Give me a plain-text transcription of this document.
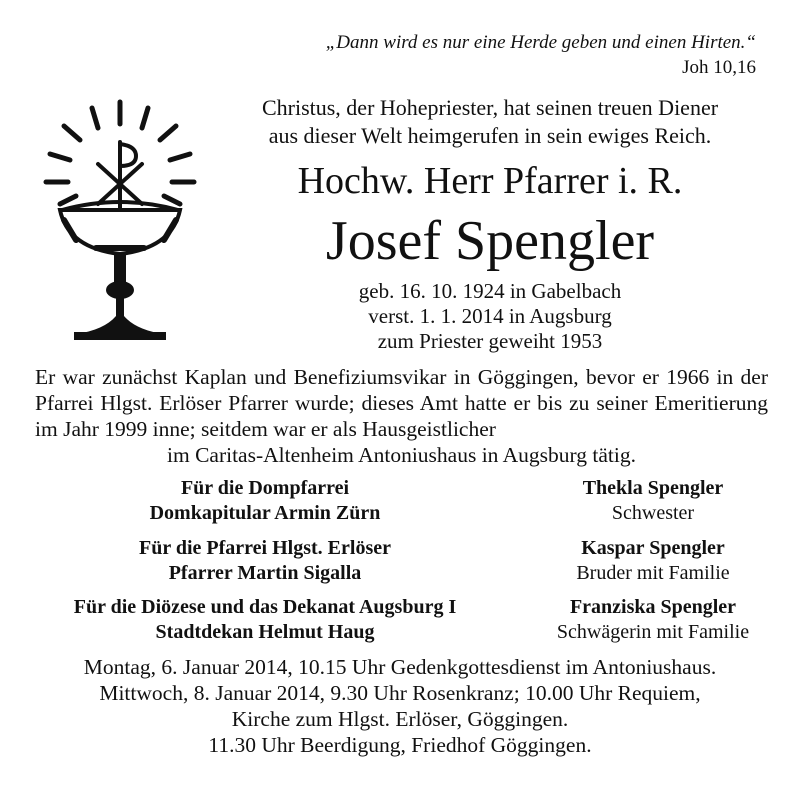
„Dann wird es nur eine Herde geben und einen Hirten.“
Joh 10,16
Christus, der Hohepriester, hat seinen treuen Diener
aus dieser Welt heimgerufen in sein ewiges Reich.
Hochw. Herr Pfarrer i. R.
Josef Spengler
geb. 16. 10. 1924 in Gabelbach
verst. 1. 1. 2014 in Augsburg
zum Priester geweiht 1953
Er war zunächst Kaplan und Benefiziumsvikar in Göggingen, bevor er 1966 in der Pfarrei Hlgst. Erlöser Pfarrer wurde; dieses Amt hatte er bis zu seiner Emeritierung im Jahr 1999 inne; seitdem war er als Hausgeistlicher
im Caritas-Altenheim Antoniushaus in Augsburg tätig.
Für die Dompfarrei
Domkapitular Armin Zürn
Für die Pfarrei Hlgst. Erlöser
Pfarrer Martin Sigalla
Für die Diözese und das Dekanat Augsburg I
Stadtdekan Helmut Haug
Thekla Spengler
Schwester
Kaspar Spengler
Bruder mit Familie
Franziska Spengler
Schwägerin mit Familie
Montag, 6. Januar 2014, 10.15 Uhr Gedenkgottesdienst im Antoniushaus.
Mittwoch, 8. Januar 2014, 9.30 Uhr Rosenkranz; 10.00 Uhr Requiem,
Kirche zum Hlgst. Erlöser, Göggingen.
11.30 Uhr Beerdigung, Friedhof Göggingen.
